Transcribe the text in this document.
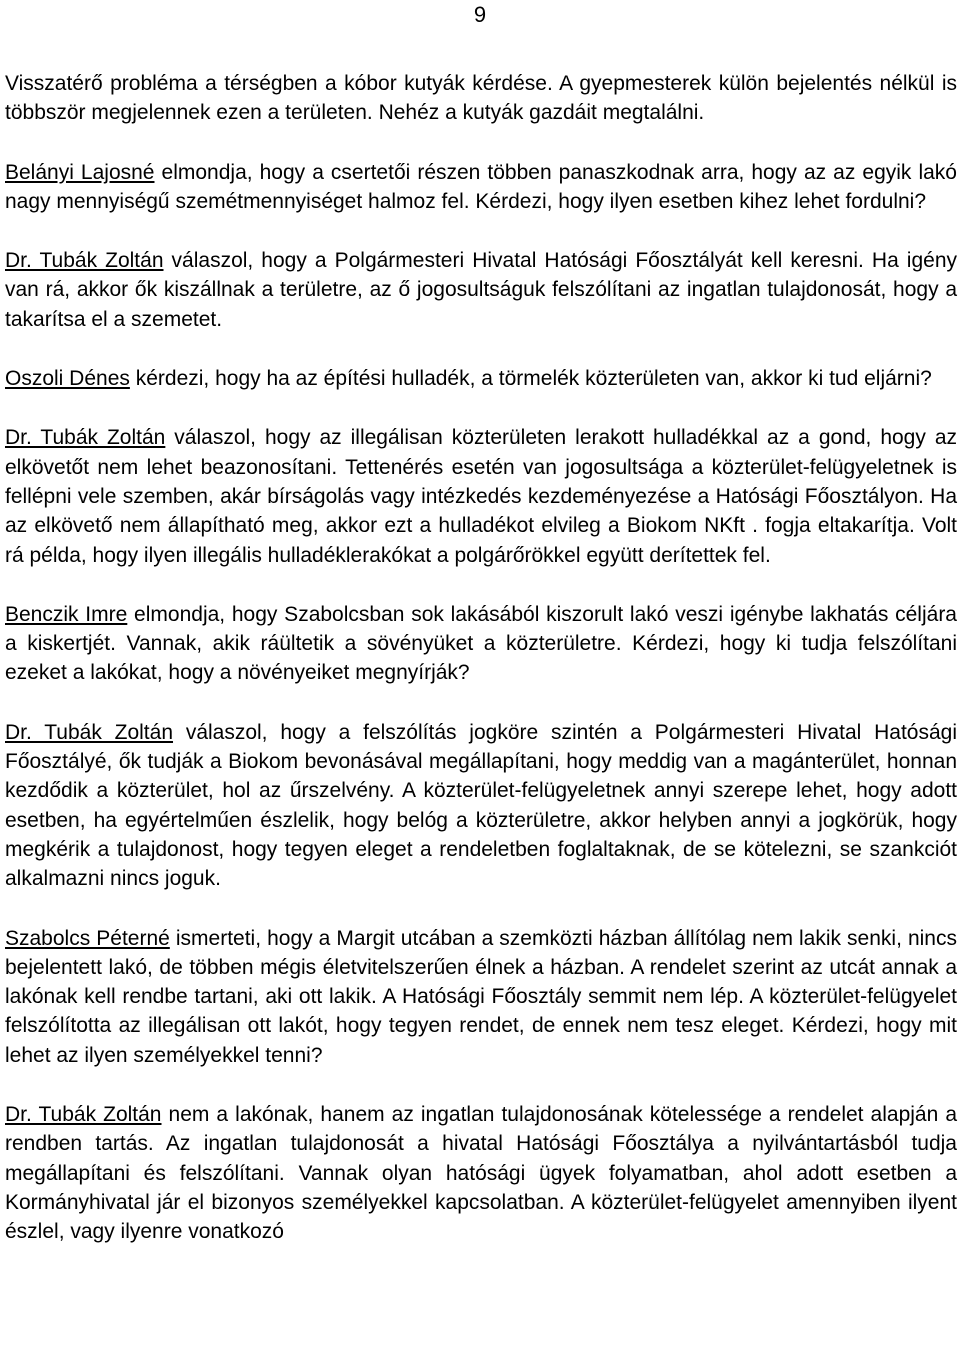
9

Visszatérő probléma a térségben a kóbor kutyák kérdése. A gyepmesterek külön bejelentés nélkül is többször megjelennek ezen a területen. Nehéz a kutyák gazdáit megtalálni.

Belányi Lajosné elmondja, hogy a csertetői részen többen panaszkodnak arra, hogy az az egyik lakó nagy mennyiségű szemétmennyiséget halmoz fel. Kérdezi, hogy ilyen esetben kihez lehet fordulni?

Dr. Tubák Zoltán válaszol, hogy a Polgármesteri Hivatal Hatósági Főosztályát kell keresni. Ha igény van rá, akkor ők kiszállnak a területre, az ő jogosultságuk felszólítani az ingatlan tulajdonosát, hogy a takarítsa el a szemetet.

Oszoli Dénes kérdezi, hogy ha az építési hulladék, a törmelék közterületen van, akkor ki tud eljárni?

Dr. Tubák Zoltán válaszol, hogy az illegálisan közterületen lerakott hulladékkal az a gond, hogy az elkövetőt nem lehet beazonosítani. Tettenérés esetén van jogosultsága a közterület-felügyeletnek is fellépni vele szemben, akár bírságolás vagy intézkedés kezdeményezése a Hatósági Főosztályon. Ha az elkövető nem állapítható meg, akkor ezt a hulladékot elvileg a Biokom NKft . fogja eltakarítja. Volt rá példa, hogy ilyen illegális hulladéklerakókat a polgárőrökkel együtt derítettek fel.

Benczik Imre elmondja, hogy Szabolcsban sok lakásából kiszorult lakó veszi igénybe lakhatás céljára a kiskertjét. Vannak, akik ráültetik a sövényüket a közterületre. Kérdezi, hogy ki tudja felszólítani ezeket a lakókat, hogy a növényeiket megnyírják?

Dr. Tubák Zoltán válaszol, hogy a felszólítás jogköre szintén a Polgármesteri Hivatal Hatósági Főosztályé, ők tudják a Biokom bevonásával megállapítani, hogy meddig van a magánterület, honnan kezdődik a közterület, hol az űrszelvény. A közterület-felügyeletnek annyi szerepe lehet, hogy adott esetben, ha egyértelműen észlelik, hogy belóg a közterületre, akkor helyben annyi a jogkörük, hogy megkérik a tulajdonost, hogy tegyen eleget a rendeletben foglaltaknak, de se kötelezni, se szankciót alkalmazni nincs joguk.

Szabolcs Péterné ismerteti, hogy a Margit utcában a szemközti házban állítólag nem lakik senki, nincs bejelentett lakó, de többen mégis életvitelszerűen élnek a házban. A rendelet szerint az utcát annak a lakónak kell rendbe tartani, aki ott lakik. A Hatósági Főosztály semmit nem lép. A közterület-felügyelet felszólította az illegálisan ott lakót, hogy tegyen rendet, de ennek nem tesz eleget. Kérdezi, hogy mit lehet az ilyen személyekkel tenni?

Dr. Tubák Zoltán nem a lakónak, hanem az ingatlan tulajdonosának kötelessége a rendelet alapján a rendben tartás. Az ingatlan tulajdonosát a hivatal Hatósági Főosztálya a nyilvántartásból tudja megállapítani és felszólítani. Vannak olyan hatósági ügyek folyamatban, ahol adott esetben a Kormányhivatal jár el bizonyos személyekkel kapcsolatban. A közterület-felügyelet amennyiben ilyent észlel, vagy ilyenre vonatkozó
